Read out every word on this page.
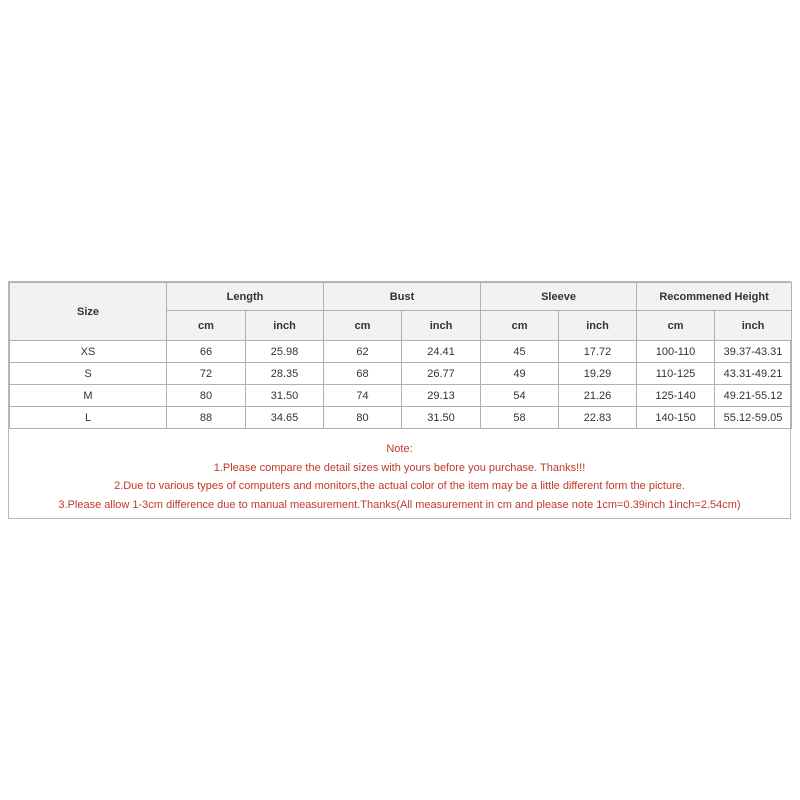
Size	Length		Bust		Sleeve		Recommened Height	
	cm	inch	cm	inch	cm	inch	cm	inch
XS	66	25.98	62	24.41	45	17.72	100-110	39.37-43.31
S	72	28.35	68	26.77	49	19.29	110-125	43.31-49.21
M	80	31.50	74	29.13	54	21.26	125-140	49.21-55.12
L	88	34.65	80	31.50	58	22.83	140-150	55.12-59.05
Note:
1.Please compare the detail sizes with yours before you purchase. Thanks!!!
2.Due to various types of computers and monitors,the actual color of the item may be a little different form the picture.
3.Please allow 1-3cm difference due to manual measurement.Thanks(All measurement in cm and please note 1cm=0.39inch 1inch=2.54cm)
